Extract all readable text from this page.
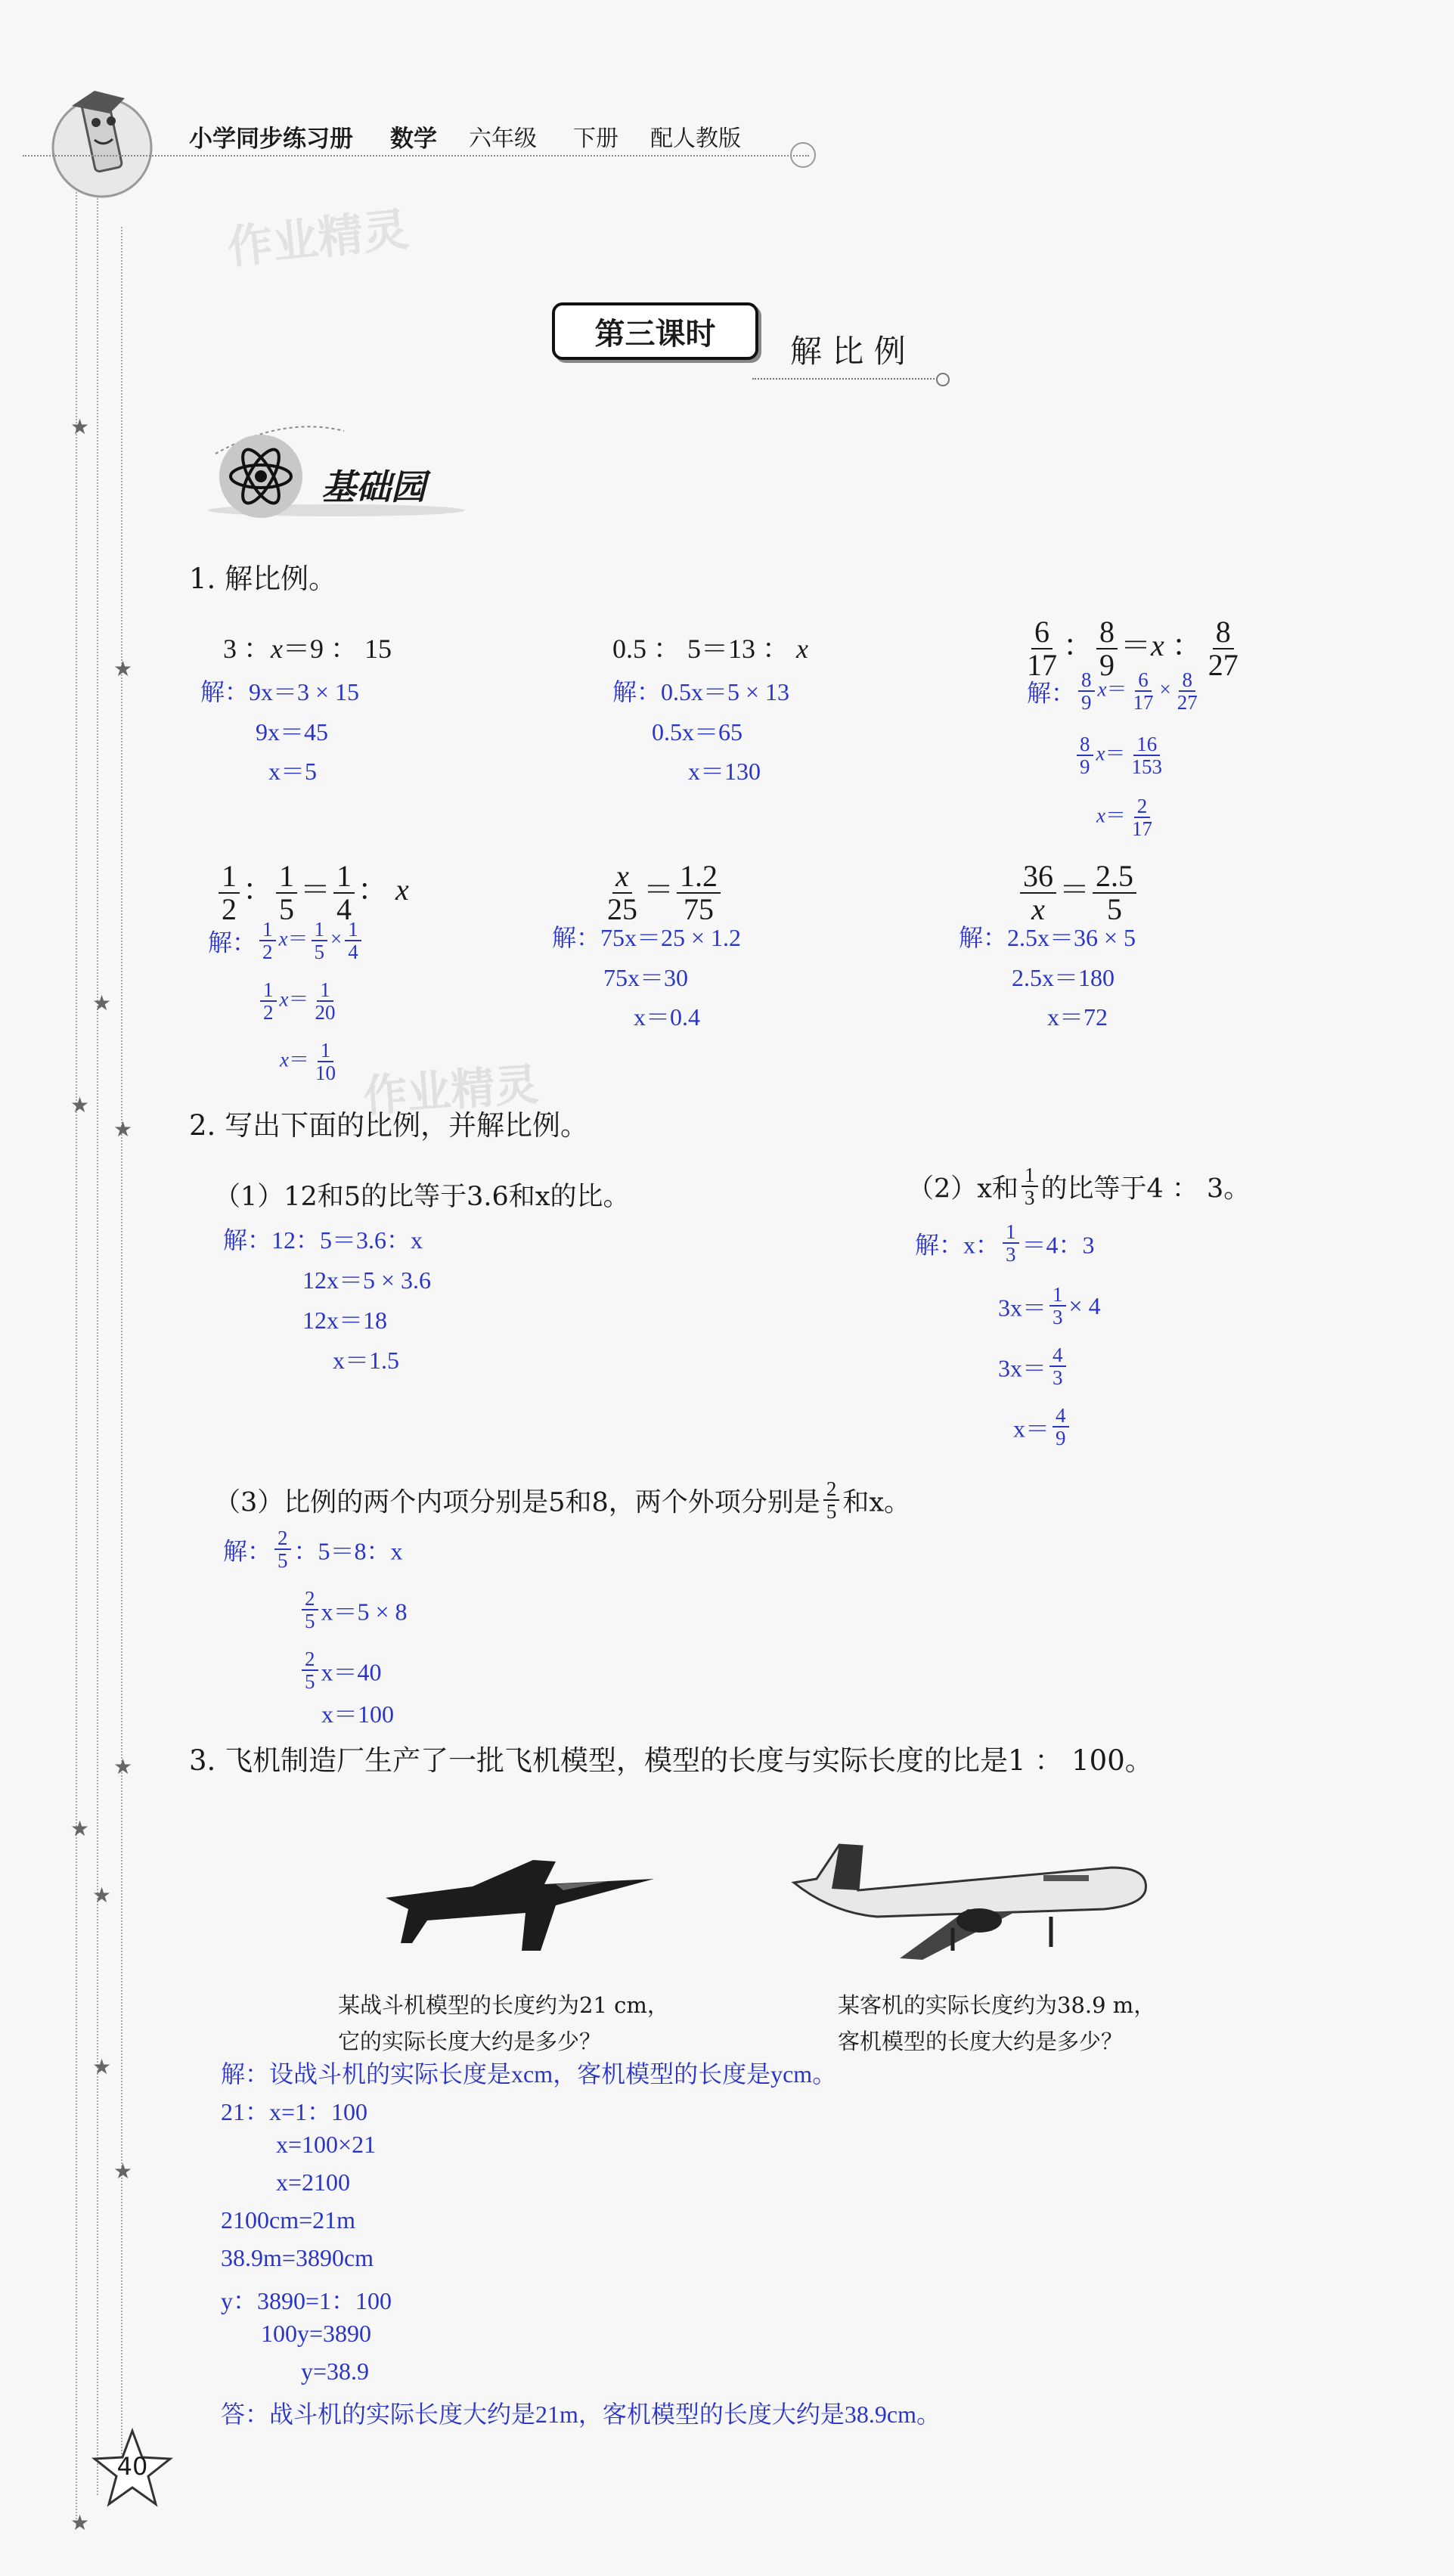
★
★
★
★
★
★
★
★
★
★
★
小学同步练习册 数学 六年级 下册 配人教版
作业精灵
第三课时	解 比 例
基础园
1. 解比例。
3 ：x＝9 ： 15
解：9x＝3 × 15
9x＝45
x＝5
0.5 ： 5＝13 ： x
解：0.5x＝5 × 13
0.5x＝65
x＝130
$\frac{6}{17}$ ： $\frac{8}{9} =x$ ： $\frac{8}{27}$
解： $\frac{8}{9} x= \frac{6}{17} \times \frac{8}{27}$
$\frac{8}{9} x= \frac{16}{153}$
$x= \frac{2}{17}$
$\frac{1}{2}$ ： $\frac{1}{5} = \frac{1}{4}$ ： x
解： $\frac{1}{2} x= \frac{1}{5} \times \frac{1}{4}$
$\frac{1}{2} x= \frac{1}{20}$
$x= \frac{1}{10}$
$\frac{x}{25} = \frac{1.2}{75}$
解：75x＝25 × 1.2
75x＝30
x＝0.4
$\frac{36}{x} = \frac{2.5}{5}$
解：2.5x＝36 × 5
2.5x＝180
x＝72
作业精灵
2. 写出下面的比例，并解比例。
（1）12和5的比等于3.6和x的比。
解：12：5＝3.6：x
12x＝5 × 3.6
12x＝18
x＝1.5
（2）x和 $\frac{1}{3}$ 的比等于4 ： 3。
解：x： $\frac{1}{3} =4$：3
$3x= \frac{1}{3} \times 4$
$3x= \frac{4}{3}$
$x= \frac{4}{9}$
（3）比例的两个内项分别是5和8，两个外项分别是 $\frac{2}{5}$ 和x。
解： $\frac{2}{5}$ ：5＝8：x
$\frac{2}{5} x=5 \times 8$
$\frac{2}{5} x=40$
x＝100
3. 飞机制造厂生产了一批飞机模型，模型的长度与实际长度的比是1 ： 100。
某战斗机模型的长度约为21 cm，
它的实际长度大约是多少？
某客机的实际长度约为38.9 m，
客机模型的长度大约是多少？
解：设战斗机的实际长度是xcm，客机模型的长度是ycm。
21：x=1：100
x=100×21
x=2100
2100cm=21m
38.9m=3890cm
y：3890=1：100
100y=3890
y=38.9
答：战斗机的实际长度大约是21m，客机模型的长度大约是38.9cm。
40
